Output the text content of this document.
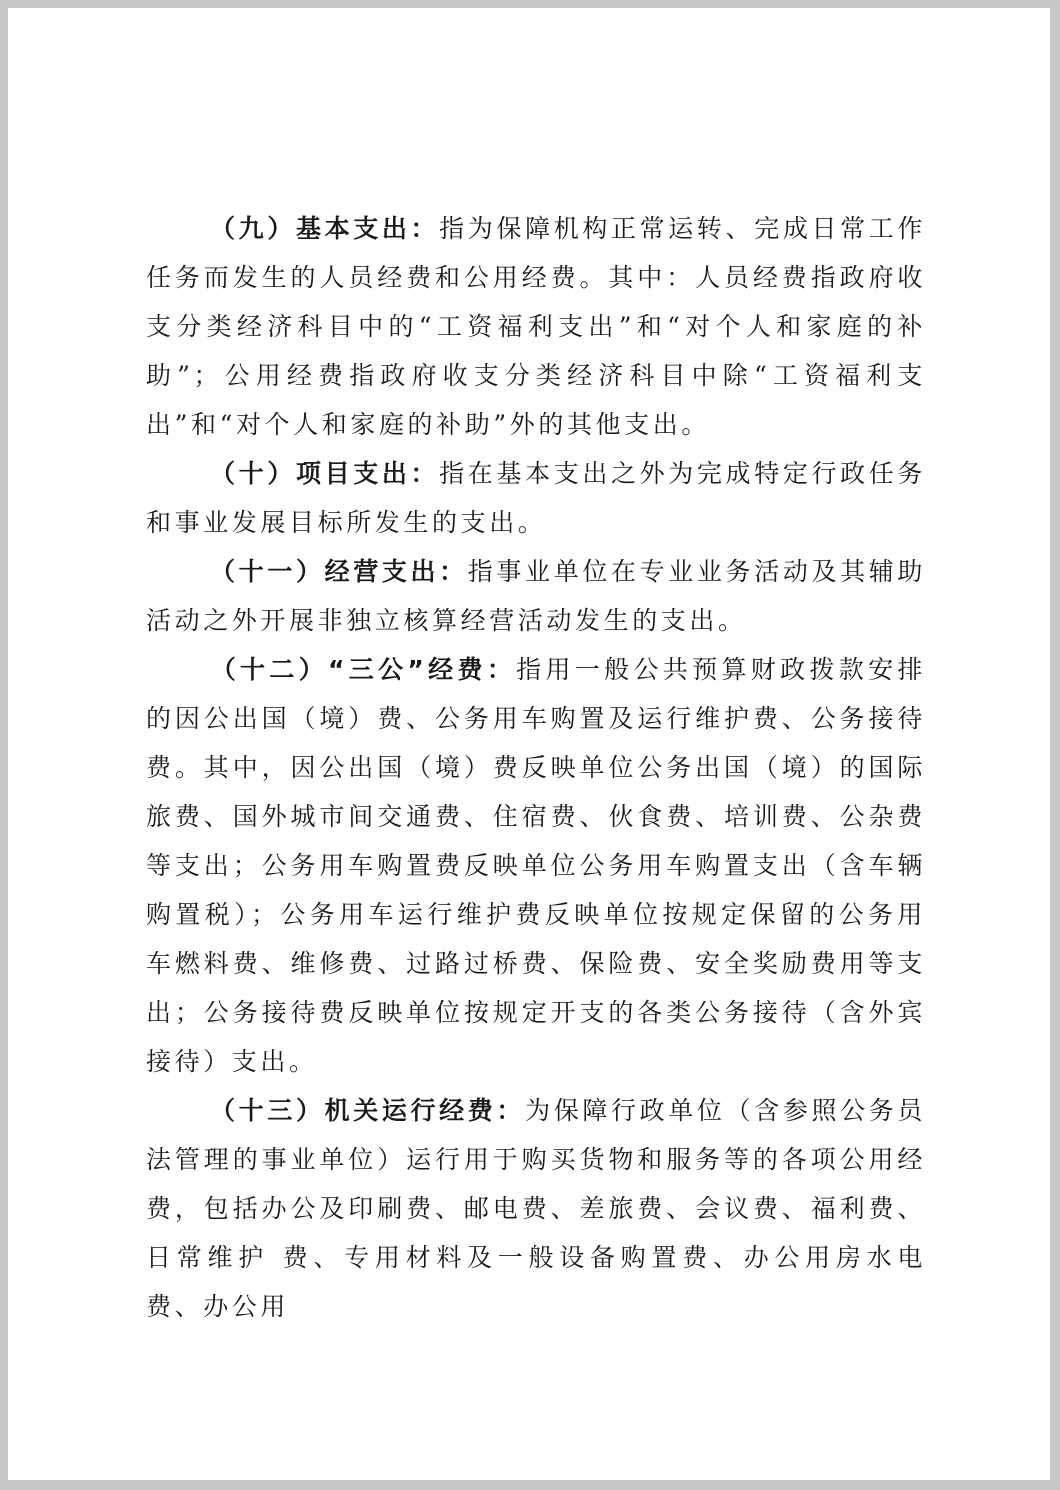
（九）基本支出：指为保障机构正常运转、完成日常工作任务而发生的人员经费和公用经费。其中：人员经费指政府收支分类经济科目中的“工资福利支出”和“对个人和家庭的补助”；公用经费指政府收支分类经济科目中除“工资福利支出”和“对个人和家庭的补助”外的其他支出。

（十）项目支出：指在基本支出之外为完成特定行政任务和事业发展目标所发生的支出。

（十一）经营支出：指事业单位在专业业务活动及其辅助活动之外开展非独立核算经营活动发生的支出。

（十二）“三公”经费：指用一般公共预算财政拨款安排的因公出国（境）费、公务用车购置及运行维护费、公务接待费。其中，因公出国（境）费反映单位公务出国（境）的国际旅费、国外城市间交通费、住宿费、伙食费、培训费、公杂费等支出；公务用车购置费反映单位公务用车购置支出（含车辆购置税）；公务用车运行维护费反映单位按规定保留的公务用车燃料费、维修费、过路过桥费、保险费、安全奖励费用等支出；公务接待费反映单位按规定开支的各类公务接待（含外宾接待）支出。

（十三）机关运行经费：为保障行政单位（含参照公务员法管理的事业单位）运行用于购买货物和服务等的各项公用经费，包括办公及印刷费、邮电费、差旅费、会议费、福利费、日常维护 费、专用材料及一般设备购置费、办公用房水电费、办公用
